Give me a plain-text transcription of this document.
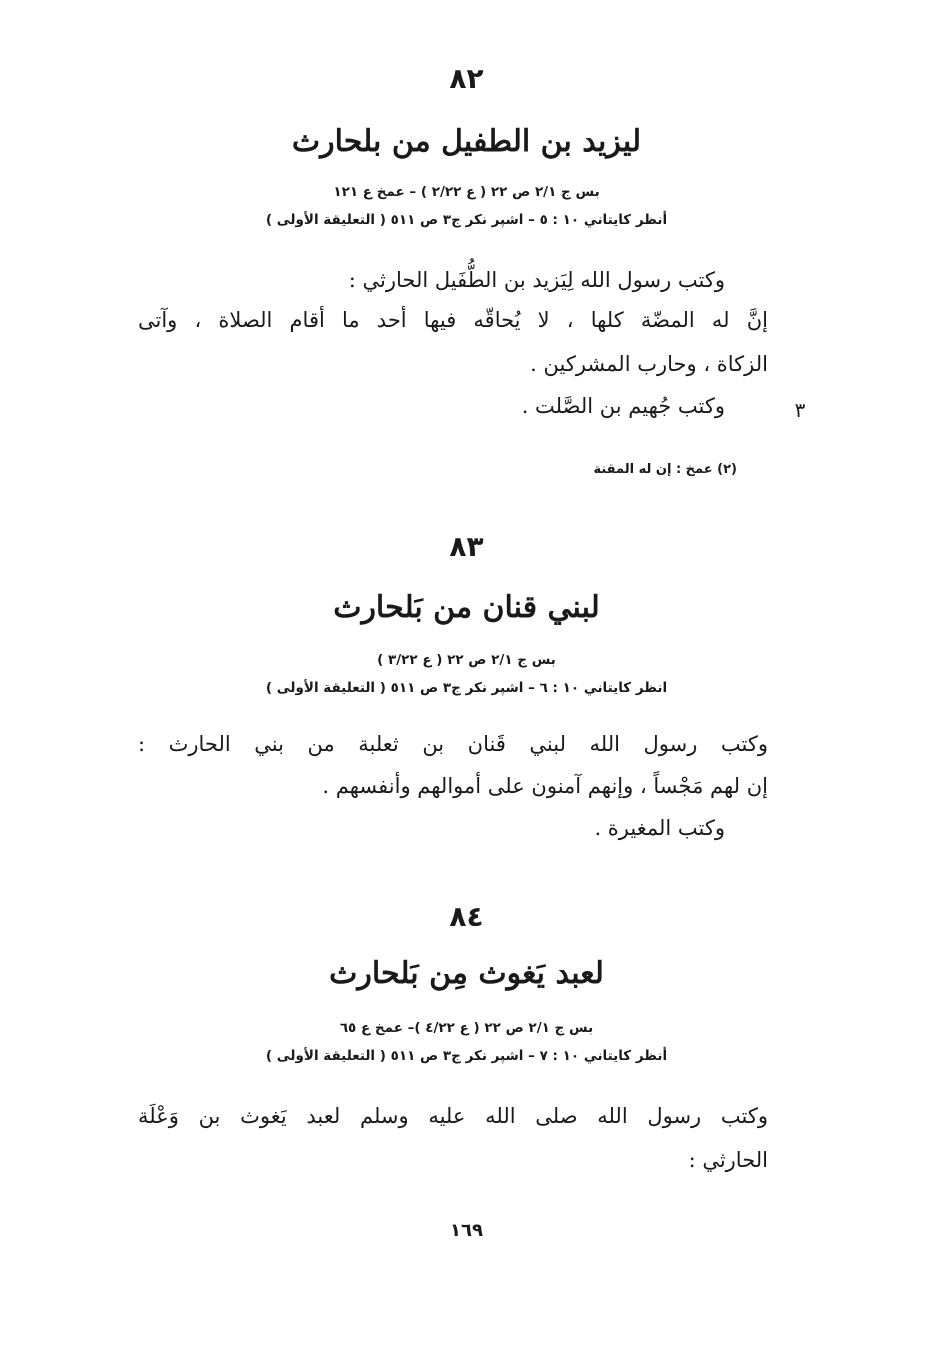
٨٢
ليزيد بن الطفيل من بلحارث
بس ج ٢/١ ص ٢٢ ( ع ٢/٢٢ ) – عمخ ع ١٢١
أنظر كايتاني ١٠ : ٥ – اشپر نكر ج٣ ص ٥١١ ( التعليقة الأولى )
وكتب رسول الله لِيَزيد بن الطُّفَيل الحارثي :
إنَّ له المضّة كلها ، لا يُحاقّه فيها أحد ما أقام الصلاة ، وآتى
الزكاة ، وحارب المشركين .
وكتب جُهيم بن الصَّلت .	٣
(٢) عمخ : إن له المقنة
٨٣
لبني قنان من بَلحارث
بس ج ٢/١ ص ٢٢ ( ع ٣/٢٢ )
انظر كايتاني ١٠ : ٦ – اشپر نكر ج٣ ص ٥١١ ( التعليقة الأولى )
وكتب رسول الله لبني قَنان بن ثعلبة من بني الحارث :
إن لهم مَجْساً ، وإنهم آمنون على أموالهم وأنفسهم .
وكتب المغيرة .
٨٤
لعبد يَغوث مِن بَلحارث
بس ج ٢/١ ص ٢٢ ( ع ٤/٢٢ )– عمخ ع ٦٥
أنظر كايتاني ١٠ : ٧ – اشپر نكر ج٣ ص ٥١١ ( التعليقة الأولى )
وكتب رسول الله صلى الله عليه وسلم لعبد يَغوث بن وَعْلَة
الحارثي :
١٦٩
